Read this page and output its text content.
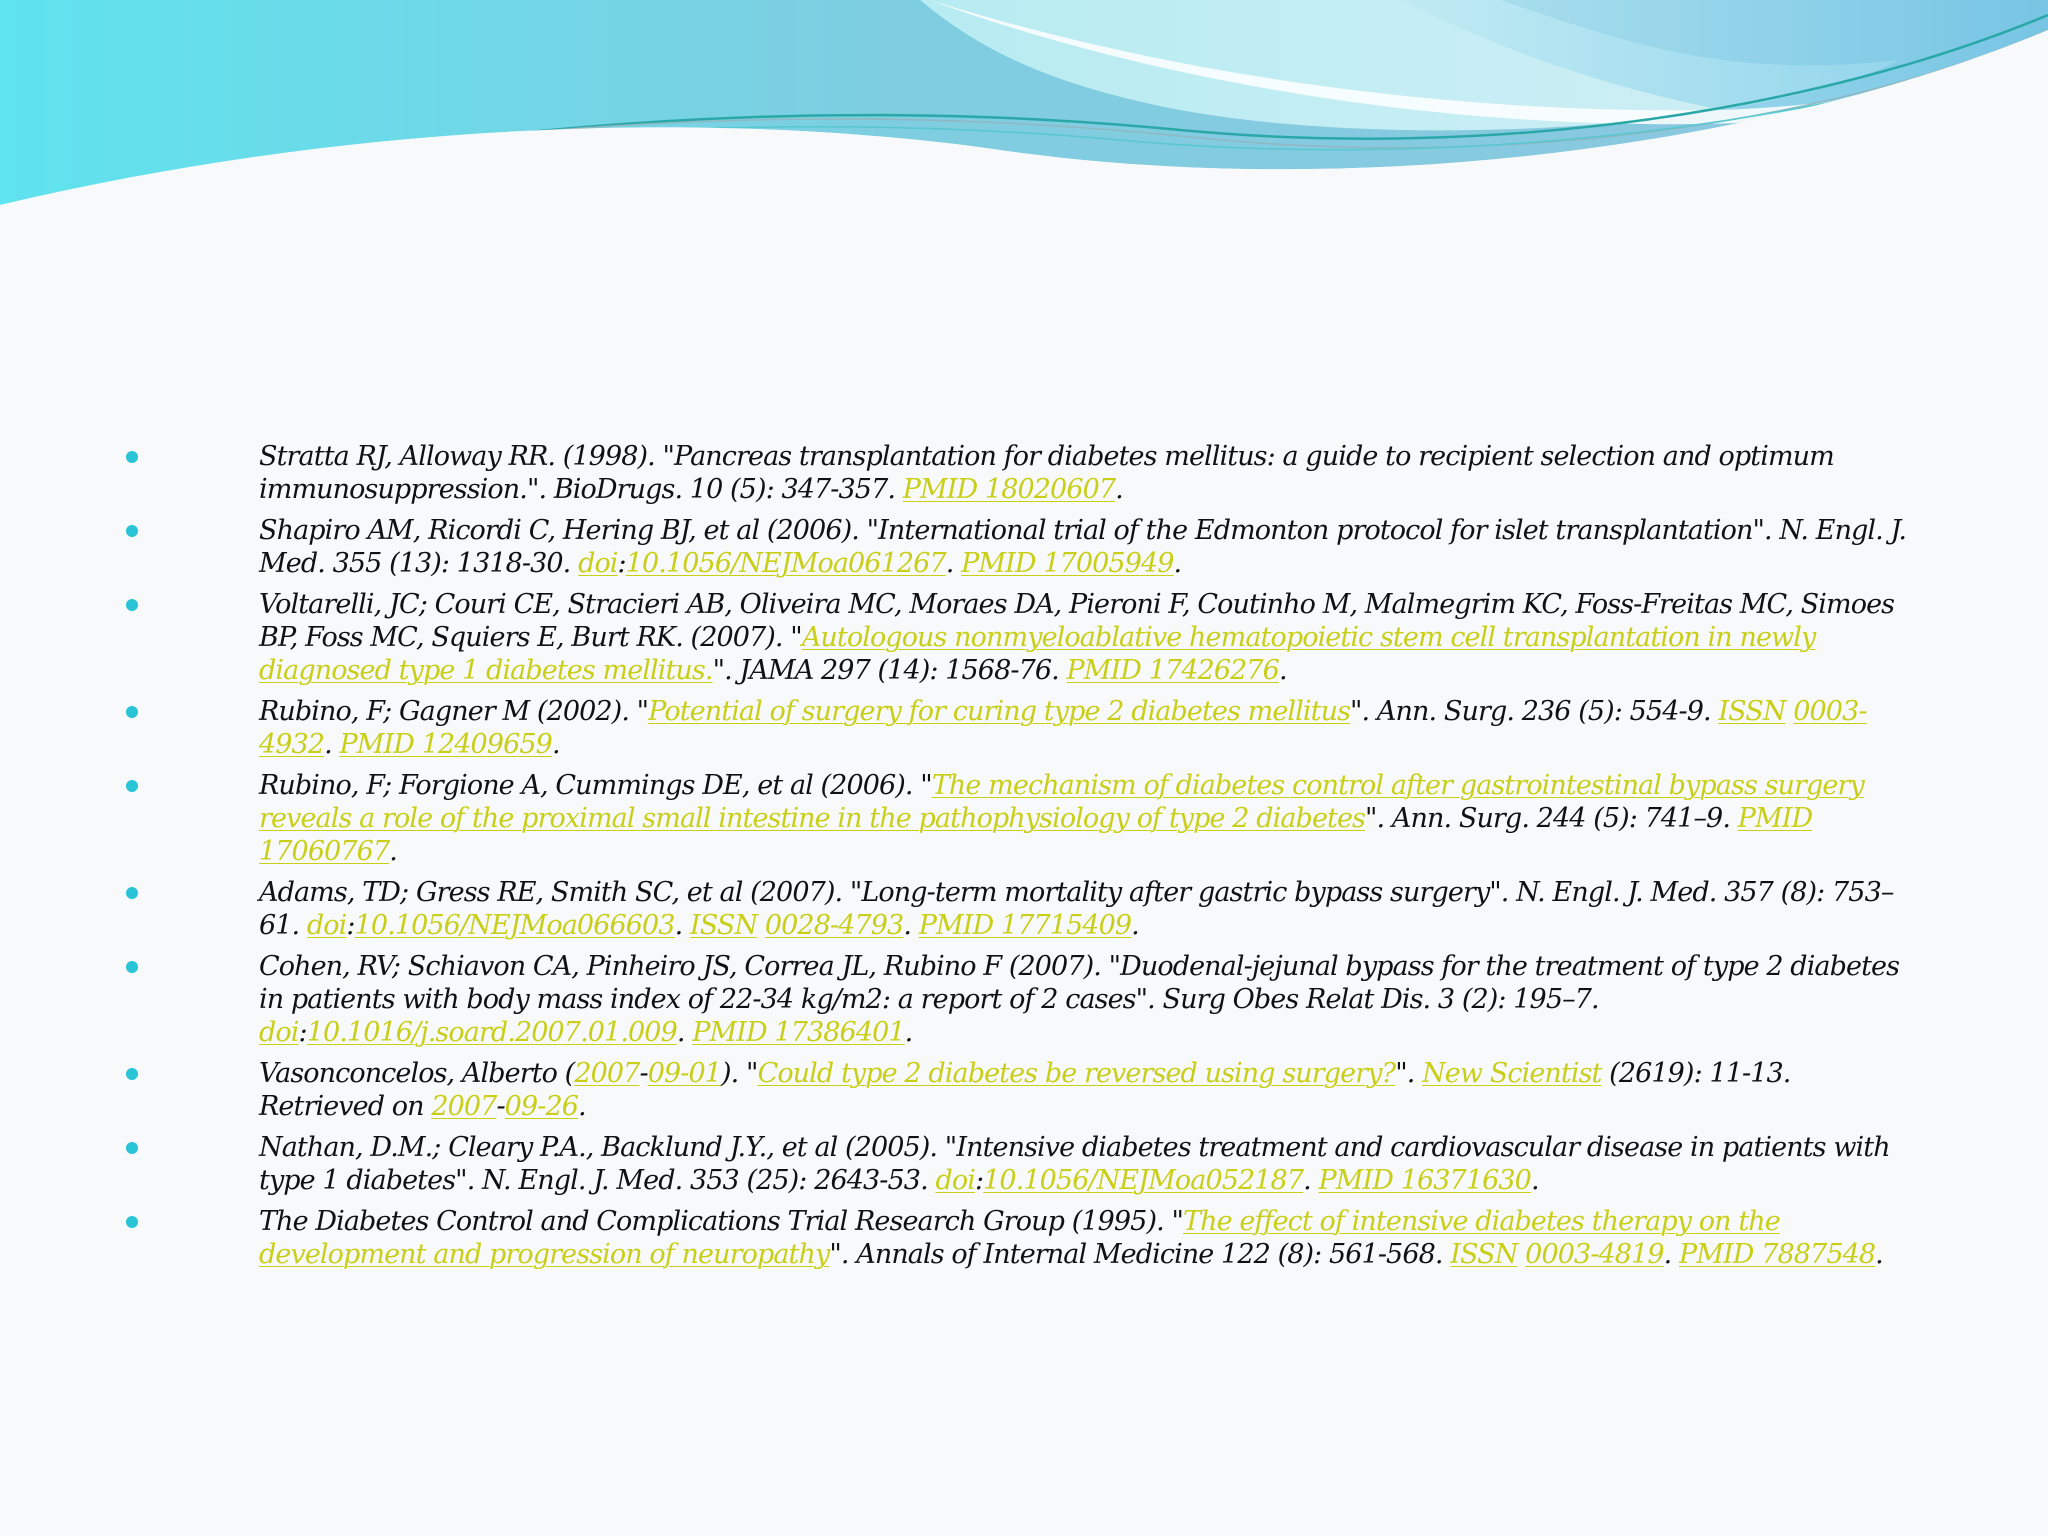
Stratta RJ, Alloway RR. (1998). "Pancreas transplantation for diabetes mellitus: a guide to recipient selection and optimum immunosuppression.". BioDrugs. 10 (5): 347-357. PMID 18020607.
Shapiro AM, Ricordi C, Hering BJ, et al (2006). "International trial of the Edmonton protocol for islet transplantation". N. Engl. J. Med. 355 (13): 1318-30. doi:10.1056/NEJMoa061267. PMID 17005949.
Voltarelli, JC; Couri CE, Stracieri AB, Oliveira MC, Moraes DA, Pieroni F, Coutinho M, Malmegrim KC, Foss-Freitas MC, Simoes BP, Foss MC, Squiers E, Burt RK. (2007). "Autologous nonmyeloablative hematopoietic stem cell transplantation in newly diagnosed type 1 diabetes mellitus.". JAMA 297 (14): 1568-76. PMID 17426276.
Rubino, F; Gagner M (2002). "Potential of surgery for curing type 2 diabetes mellitus". Ann. Surg. 236 (5): 554-9. ISSN 0003-4932. PMID 12409659.
Rubino, F; Forgione A, Cummings DE, et al (2006). "The mechanism of diabetes control after gastrointestinal bypass surgery reveals a role of the proximal small intestine in the pathophysiology of type 2 diabetes". Ann. Surg. 244 (5): 741–9. PMID 17060767.
Adams, TD; Gress RE, Smith SC, et al (2007). "Long-term mortality after gastric bypass surgery". N. Engl. J. Med. 357 (8): 753–61. doi:10.1056/NEJMoa066603. ISSN 0028-4793. PMID 17715409.
Cohen, RV; Schiavon CA, Pinheiro JS, Correa JL, Rubino F (2007). "Duodenal-jejunal bypass for the treatment of type 2 diabetes in patients with body mass index of 22-34 kg/m2: a report of 2 cases". Surg Obes Relat Dis. 3 (2): 195–7. doi:10.1016/j.soard.2007.01.009. PMID 17386401.
Vasonconcelos, Alberto (2007-09-01). "Could type 2 diabetes be reversed using surgery?". New Scientist (2619): 11-13. Retrieved on 2007-09-26.
Nathan, D.M.; Cleary P.A., Backlund J.Y., et al (2005). "Intensive diabetes treatment and cardiovascular disease in patients with type 1 diabetes". N. Engl. J. Med. 353 (25): 2643-53. doi:10.1056/NEJMoa052187. PMID 16371630.
The Diabetes Control and Complications Trial Research Group (1995). "The effect of intensive diabetes therapy on the development and progression of neuropathy". Annals of Internal Medicine 122 (8): 561-568. ISSN 0003-4819. PMID 7887548.
